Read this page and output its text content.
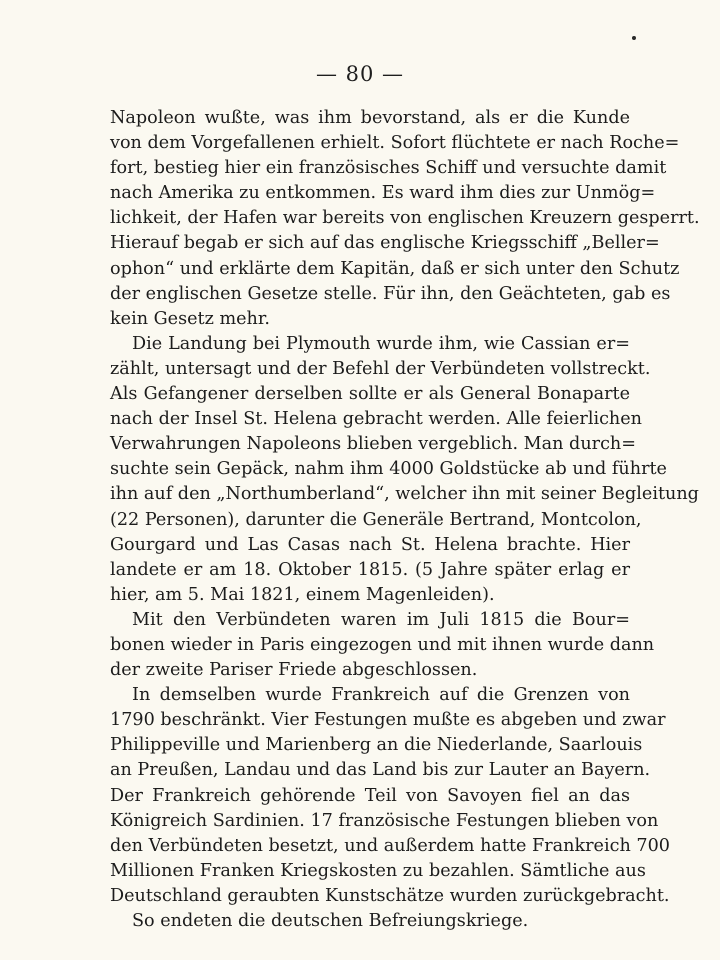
— 80 —
Napoleon wußte, was ihm bevorstand, als er die Kunde
von dem Vorgefallenen erhielt. Sofort flüchtete er nach Roche=
fort, bestieg hier ein französisches Schiff und versuchte damit
nach Amerika zu entkommen. Es ward ihm dies zur Unmög=
lichkeit, der Hafen war bereits von englischen Kreuzern gesperrt.
Hierauf begab er sich auf das englische Kriegsschiff „Beller=
ophon“ und erklärte dem Kapitän, daß er sich unter den Schutz
der englischen Gesetze stelle. Für ihn, den Geächteten, gab es
kein Gesetz mehr.
Die Landung bei Plymouth wurde ihm, wie Cassian er=
zählt, untersagt und der Befehl der Verbündeten vollstreckt.
Als Gefangener derselben sollte er als General Bonaparte
nach der Insel St. Helena gebracht werden. Alle feierlichen
Verwahrungen Napoleons blieben vergeblich. Man durch=
suchte sein Gepäck, nahm ihm 4000 Goldstücke ab und führte
ihn auf den „Northumberland“, welcher ihn mit seiner Begleitung
(22 Personen), darunter die Generäle Bertrand, Montcolon,
Gourgard und Las Casas nach St. Helena brachte. Hier
landete er am 18. Oktober 1815. (5 Jahre später erlag er
hier, am 5. Mai 1821, einem Magenleiden).
Mit den Verbündeten waren im Juli 1815 die Bour=
bonen wieder in Paris eingezogen und mit ihnen wurde dann
der zweite Pariser Friede abgeschlossen.
In demselben wurde Frankreich auf die Grenzen von
1790 beschränkt. Vier Festungen mußte es abgeben und zwar
Philippeville und Marienberg an die Niederlande, Saarlouis
an Preußen, Landau und das Land bis zur Lauter an Bayern.
Der Frankreich gehörende Teil von Savoyen fiel an das
Königreich Sardinien. 17 französische Festungen blieben von
den Verbündeten besetzt, und außerdem hatte Frankreich 700
Millionen Franken Kriegskosten zu bezahlen. Sämtliche aus
Deutschland geraubten Kunstschätze wurden zurückgebracht.
So endeten die deutschen Befreiungskriege.
